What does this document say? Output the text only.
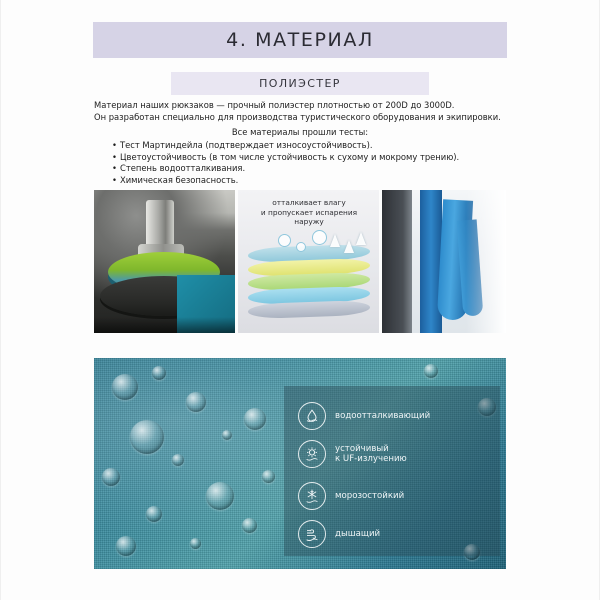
4. МАТЕРИАЛ
ПОЛИЭСТЕР

Материал наших рюкзаков — прочный полиэстер плотностью от 200D до 3000D.

Он разработан специально для производства туристического оборудования и экипировки.

Все материалы прошли тесты:
• Тест Мартиндейла (подтверждает износоустойчивость).
• Цветоустойчивость (в том числе устойчивость к сухому и мокрому трению).
• Степень водоотталкивания.
• Химическая безопасность.
отталкивает влагу
и пропускает испарения
наружу
водоотталкивающий
устойчивый
к UF-излучению
морозостойкий
дышащий
